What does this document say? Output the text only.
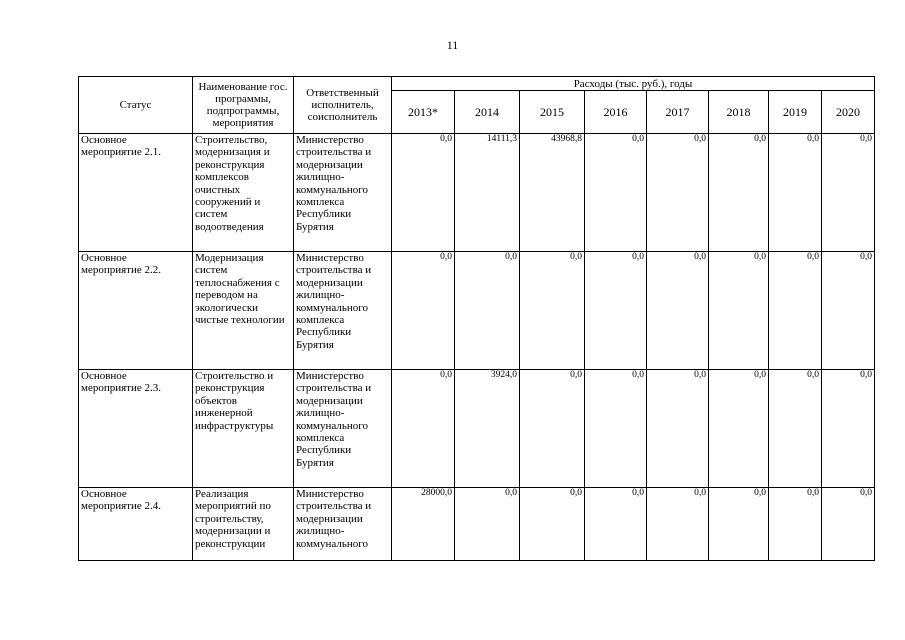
11
Статус	Наименование гос. программы, подпрограммы, мероприятия	Ответственный исполнитель, соисполнитель	Расходы (тыс. руб.), годы							
			2013*	2014	2015	2016	2017	2018	2019	2020
Основное мероприятие 2.1.	Строительство, модернизация и реконструкция комплексов очистных сооружений и систем водоотведения	Министерство строительства и модернизации жилищно-коммунального комплекса Республики Бурятия	0,0	14111,3	43968,8	0,0	0,0	0,0	0,0	0,0
Основное мероприятие 2.2.	Модернизация систем теплоснабжения с переводом на экологически чистые технологии	Министерство строительства и модернизации жилищно-коммунального комплекса Республики Бурятия	0,0	0,0	0,0	0,0	0,0	0,0	0,0	0,0
Основное мероприятие 2.3.	Строительство и реконструкция объектов инженерной инфраструктуры	Министерство строительства и модернизации жилищно-коммунального комплекса Республики Бурятия	0,0	3924,0	0,0	0,0	0,0	0,0	0,0	0,0

Основное мероприятие 2.4.	Реализация мероприятий по строительству, модернизации и реконструкции	Министерство строительства и модернизации жилищно-коммунального	28000,0	0,0	0,0	0,0	0,0	0,0	0,0	0,0
